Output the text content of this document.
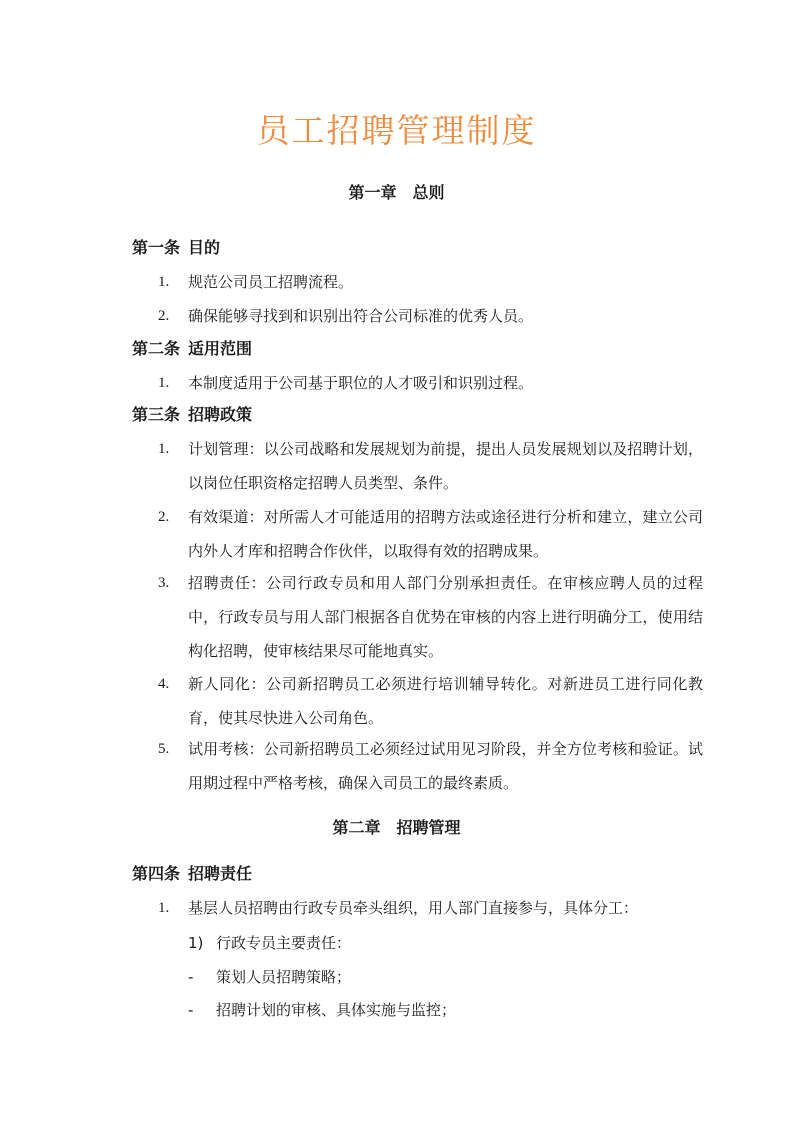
员工招聘管理制度
第一章 总则
第一条 目的
1. 规范公司员工招聘流程。

2. 确保能够寻找到和识别出符合公司标准的优秀人员。

第二条 适用范围
1. 本制度适用于公司基于职位的人才吸引和识别过程。

第三条 招聘政策
1. 计划管理：以公司战略和发展规划为前提，提出人员发展规划以及招聘计划，以岗位任职资格定招聘人员类型、条件。

2. 有效渠道：对所需人才可能适用的招聘方法或途径进行分析和建立，建立公司内外人才库和招聘合作伙伴，以取得有效的招聘成果。

3. 招聘责任：公司行政专员和用人部门分别承担责任。在审核应聘人员的过程中，行政专员与用人部门根据各自优势在审核的内容上进行明确分工，使用结构化招聘，使审核结果尽可能地真实。

4. 新人同化：公司新招聘员工必须进行培训辅导转化。对新进员工进行同化教育，使其尽快进入公司角色。

5. 试用考核：公司新招聘员工必须经过试用见习阶段，并全方位考核和验证。试用期过程中严格考核，确保入司员工的最终素质。

第二章 招聘管理
第四条 招聘责任
1. 基层人员招聘由行政专员牵头组织，用人部门直接参与，具体分工：

1) 行政专员主要责任：
- 策划人员招聘策略；
- 招聘计划的审核、具体实施与监控；
